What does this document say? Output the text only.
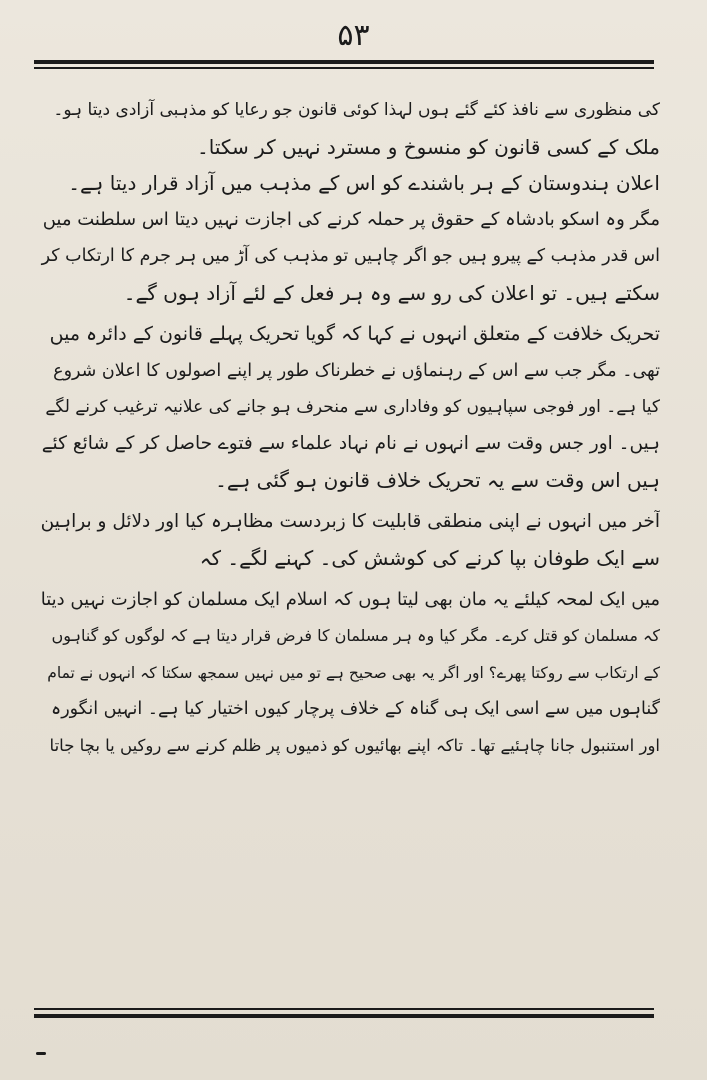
۵۳
کی منظوری سے نافذ کئے گئے ہوں لہذا کوئی قانون جو رعایا کو مذہبی آزادی دیتا ہو۔
ملک کے کسی قانون کو منسوخ و مسترد نہیں کر سکتا۔
اعلان ہندوستان کے ہر باشندے کو اس کے مذہب میں آزاد قرار دیتا ہے۔
مگر وہ اسکو بادشاہ کے حقوق پر حملہ کرنے کی اجازت نہیں دیتا اس سلطنت میں
اس قدر مذہب کے پیرو ہیں جو اگر چاہیں تو مذہب کی آڑ میں ہر جرم کا ارتکاب کر
سکتے ہیں۔ تو اعلان کی رو سے وہ ہر فعل کے لئے آزاد ہوں گے۔
تحریک خلافت کے متعلق انہوں نے کہا کہ گویا تحریک پہلے قانون کے دائرہ میں
تھی۔ مگر جب سے اس کے رہنماؤں نے خطرناک طور پر اپنے اصولوں کا اعلان شروع
کیا ہے۔ اور فوجی سپاہیوں کو وفاداری سے منحرف ہو جانے کی علانیہ ترغیب کرنے لگے
ہیں۔ اور جس وقت سے انہوں نے نام نہاد علماء سے فتوے حاصل کر کے شائع کئے
ہیں اس وقت سے یہ تحریک خلاف قانون ہو گئی ہے۔
آخر میں انہوں نے اپنی منطقی قابلیت کا زبردست مظاہرہ کیا اور دلائل و براہین
سے ایک طوفان بپا کرنے کی کوشش کی۔ کہنے لگے۔ کہ
میں ایک لمحہ کیلئے یہ مان بھی لیتا ہوں کہ اسلام ایک مسلمان کو اجازت نہیں دیتا
کہ مسلمان کو قتل کرے۔ مگر کیا وہ ہر مسلمان کا فرض قرار دیتا ہے کہ لوگوں کو گناہوں
کے ارتکاب سے روکتا پھرے؟ اور اگر یہ بھی صحیح ہے تو میں نہیں سمجھ سکتا کہ انہوں نے تمام
گناہوں میں سے اسی ایک ہی گناہ کے خلاف پرچار کیوں اختیار کیا ہے۔ انہیں انگورہ
اور استنبول جانا چاہئیے تھا۔ تاکہ اپنے بھائیوں کو ذمیوں پر ظلم کرنے سے روکیں یا بچا جاتا
